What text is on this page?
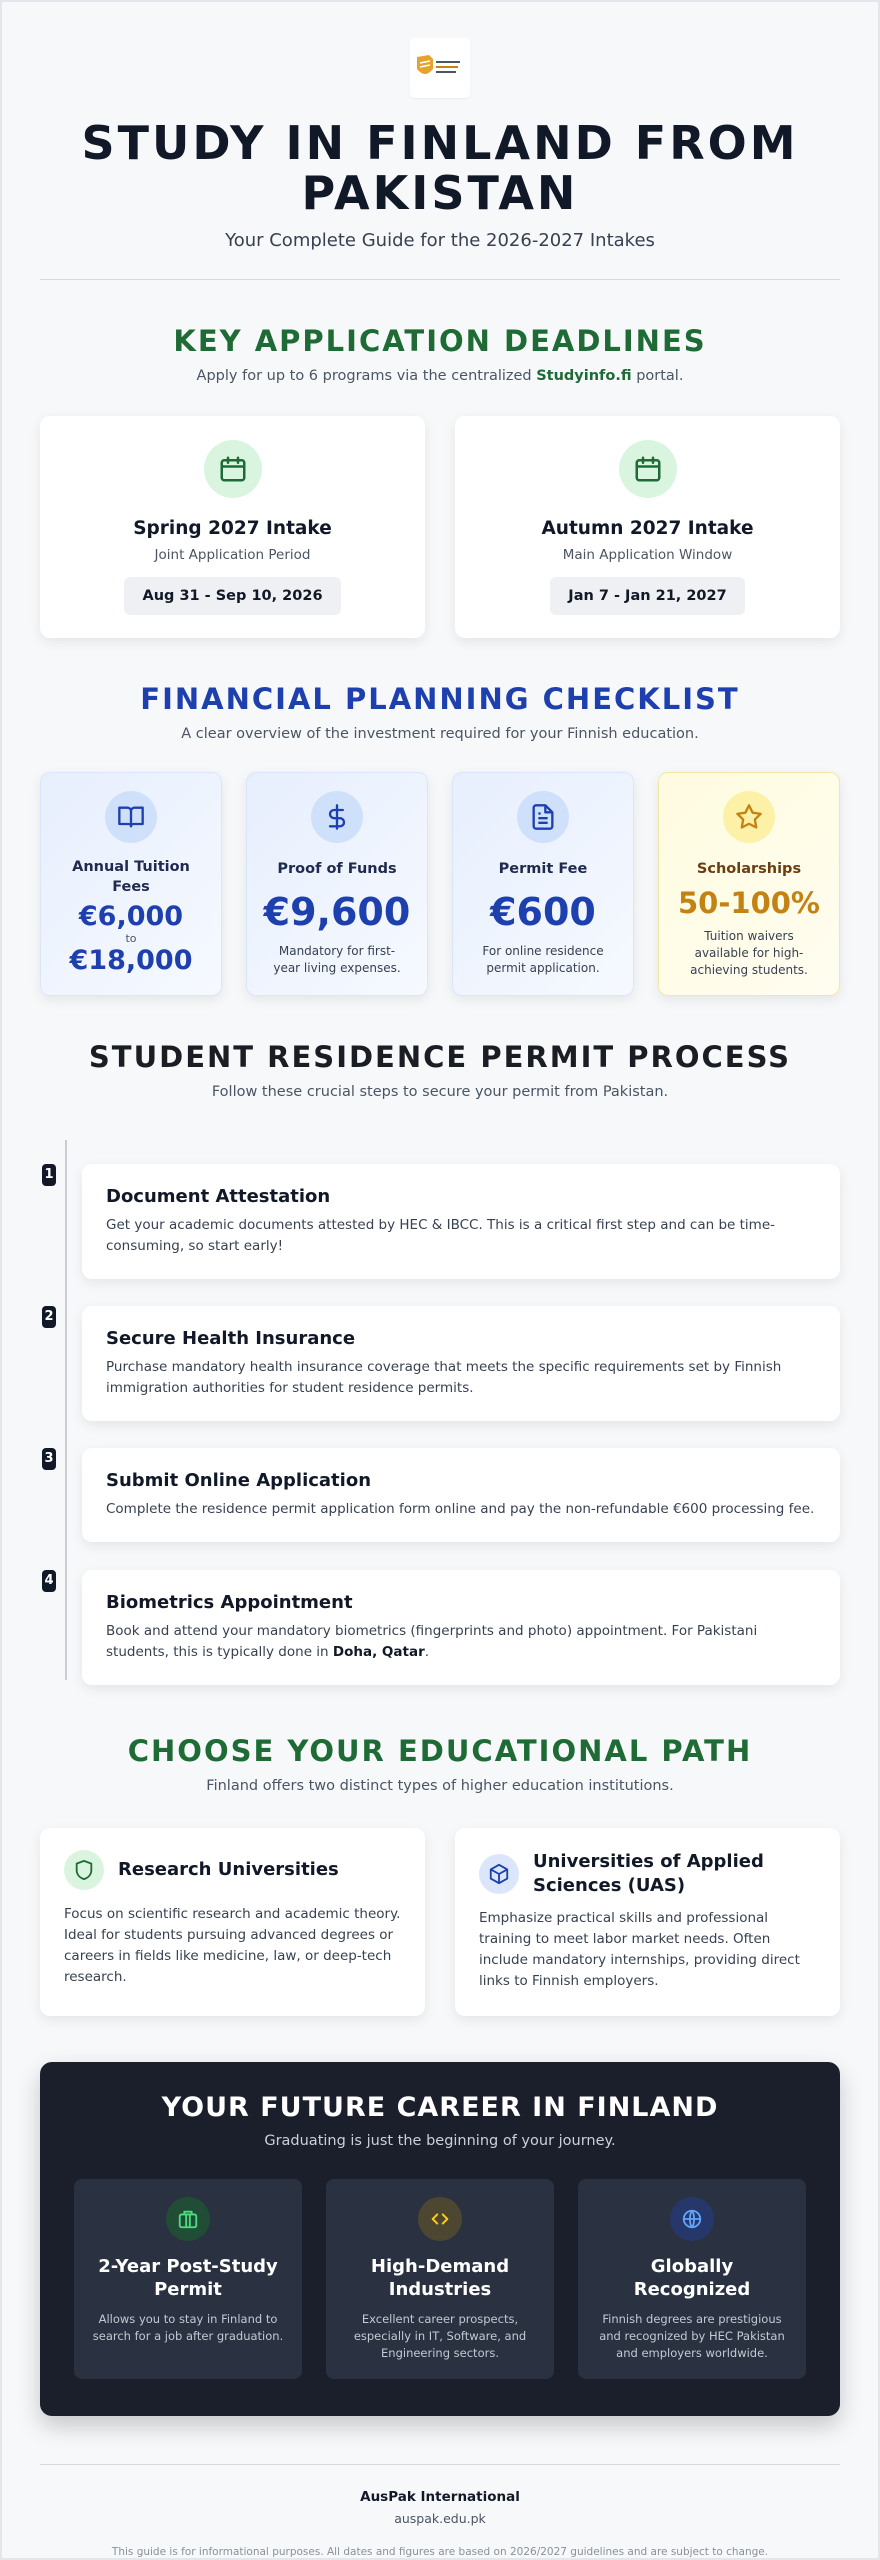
STUDY IN FINLAND FROM PAKISTAN
Your Complete Guide for the 2026-2027 Intakes
KEY APPLICATION DEADLINES
Apply for up to 6 programs via the centralized Studyinfo.fi portal.
Spring 2027 Intake
Joint Application Period
Aug 31 - Sep 10, 2026
Autumn 2027 Intake
Main Application Window
Jan 7 - Jan 21, 2027
FINANCIAL PLANNING CHECKLIST
A clear overview of the investment required for your Finnish education.
Annual Tuition Fees
€6,000
to
€18,000
Proof of Funds
€9,600
Mandatory for first-year living expenses.
Permit Fee
€600
For online residence permit application.
Scholarships
50-100%
Tuition waivers available for high-achieving students.
STUDENT RESIDENCE PERMIT PROCESS
Follow these crucial steps to secure your permit from Pakistan.
1
Document Attestation
Get your academic documents attested by HEC & IBCC. This is a critical first step and can be time-consuming, so start early!
2
Secure Health Insurance
Purchase mandatory health insurance coverage that meets the specific requirements set by Finnish immigration authorities for student residence permits.
3
Submit Online Application
Complete the residence permit application form online and pay the non-refundable €600 processing fee.
4
Biometrics Appointment
Book and attend your mandatory biometrics (fingerprints and photo) appointment. For Pakistani students, this is typically done in Doha, Qatar.
CHOOSE YOUR EDUCATIONAL PATH
Finland offers two distinct types of higher education institutions.
Research Universities
Focus on scientific research and academic theory. Ideal for students pursuing advanced degrees or careers in fields like medicine, law, or deep-tech research.
Universities of Applied Sciences (UAS)
Emphasize practical skills and professional training to meet labor market needs. Often include mandatory internships, providing direct links to Finnish employers.
YOUR FUTURE CAREER IN FINLAND
Graduating is just the beginning of your journey.
2-Year Post-Study Permit
Allows you to stay in Finland to search for a job after graduation.
High-Demand Industries
Excellent career prospects, especially in IT, Software, and Engineering sectors.
Globally Recognized
Finnish degrees are prestigious and recognized by HEC Pakistan and employers worldwide.
AusPak International
auspak.edu.pk
This guide is for informational purposes. All dates and figures are based on 2026/2027 guidelines and are subject to change.
